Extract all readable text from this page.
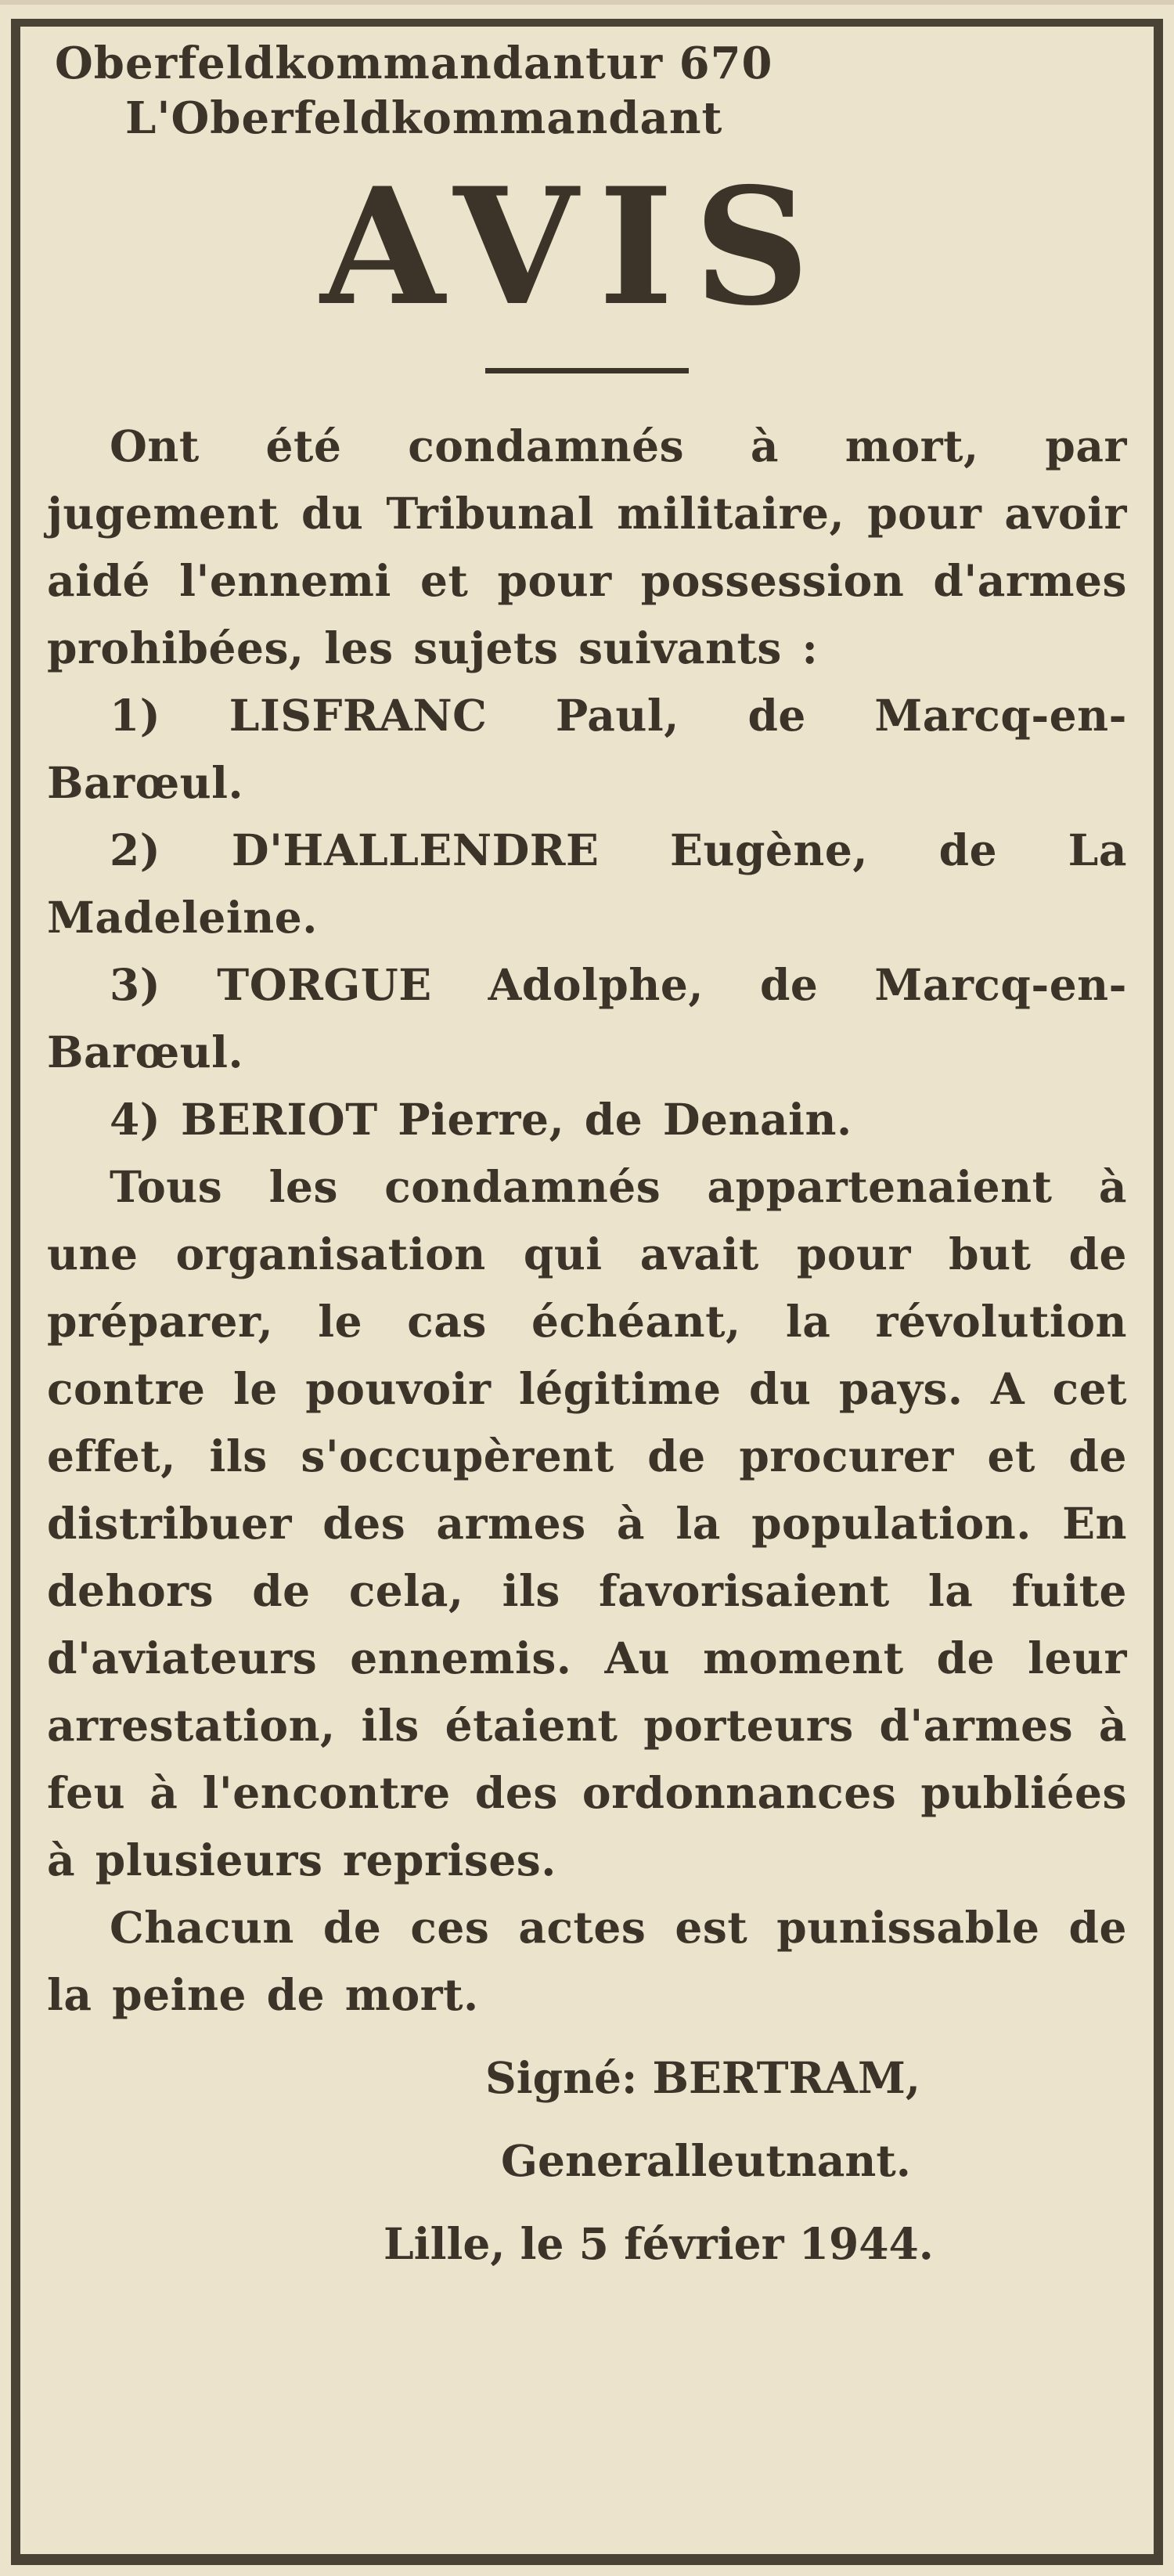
Oberfeldkommandantur 670
L'Oberfeldkommandant
AVIS

Ont été condamnés à mort, par jugement du Tribunal militaire, pour avoir aidé l'ennemi et pour possession d'armes prohibées, les sujets suivants :

1) LISFRANC Paul, de Marcq-en-Barœul.

2) D'HALLENDRE Eugène, de La Madeleine.

3) TORGUE Adolphe, de Marcq-en-Barœul.

4) BERIOT Pierre, de Denain.

Tous les condamnés appartenaient à une organisation qui avait pour but de préparer, le cas échéant, la révolution contre le pouvoir légitime du pays. A cet effet, ils s'occupèrent de procurer et de distribuer des armes à la population. En dehors de cela, ils favorisaient la fuite d'aviateurs ennemis. Au moment de leur arrestation, ils étaient porteurs d'armes à feu à l'encontre des ordonnances publiées à plusieurs reprises.

Chacun de ces actes est punissable de la peine de mort.

Signé: BERTRAM,
Generalleutnant.
Lille, le 5 février 1944.
